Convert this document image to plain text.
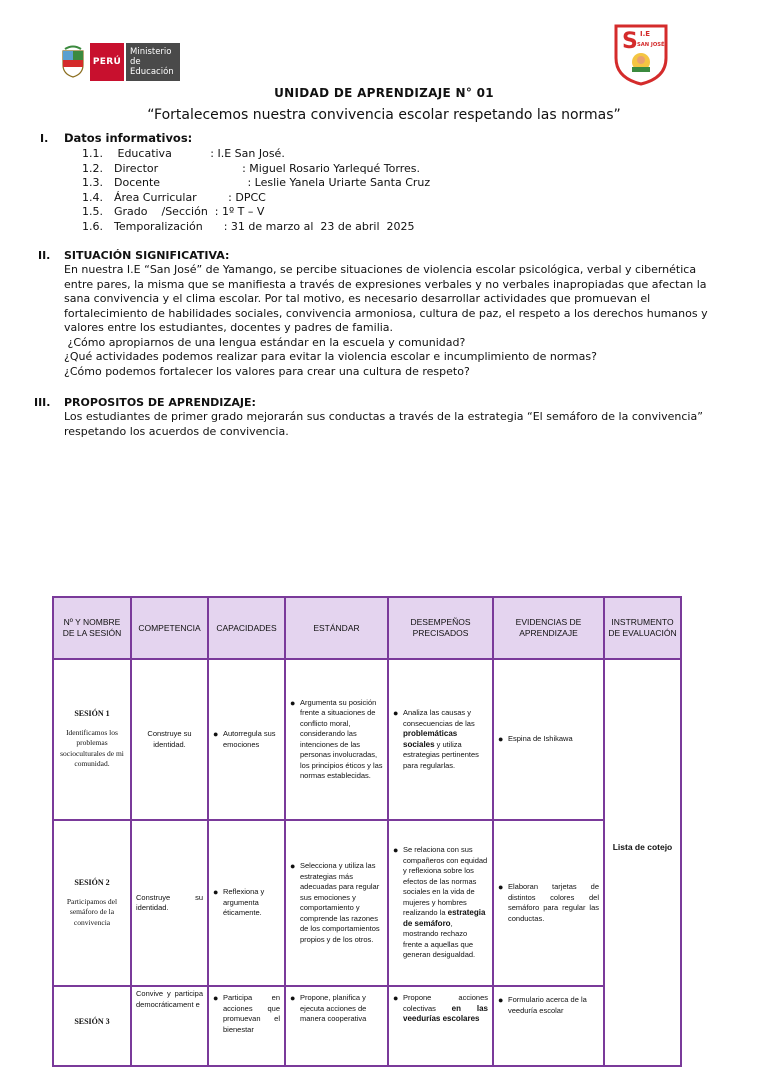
PERÚ
Ministerio
de Educación
S I.E
SAN JOSÉ
UNIDAD DE APRENDIZAJE N° 01
“Fortalecemos nuestra convivencia escolar respetando las normas”
I. Datos informativos:
1.1. Educativa           : I.E San José.
1.2. Director                        : Miguel Rosario Yarlequé Torres.
1.3. Docente                         : Leslie Yanela Uriarte Santa Cruz
1.4. Área Curricular         : DPCC
1.5. Grado    /Sección  : 1º T – V
1.6. Temporalización      : 31 de marzo al  23 de abril  2025
II. SITUACIÓN SIGNIFICATIVA:
En nuestra I.E “San José” de Yamango, se percibe situaciones de violencia escolar psicológica, verbal y cibernética
entre pares, la misma que se manifiesta a través de expresiones verbales y no verbales inapropiadas que afectan la
sana convivencia y el clima escolar. Por tal motivo, es necesario desarrollar actividades que promuevan el
fortalecimiento de habilidades sociales, convivencia armoniosa, cultura de paz, el respeto a los derechos humanos y
valores entre los estudiantes, docentes y padres de familia.
¿Cómo apropiarnos de una lengua estándar en la escuela y comunidad?
¿Qué actividades podemos realizar para evitar la violencia escolar e incumplimiento de normas?
¿Cómo podemos fortalecer los valores para crear una cultura de respeto?
III. PROPOSITOS DE APRENDIZAJE:
Los estudiantes de primer grado mejorarán sus conductas a través de la estrategia “El semáforo de la convivencia”
respetando los acuerdos de convivencia.
Nº Y NOMBRE DE LA SESIÓN	COMPETENCIA	CAPACIDADES	ESTÁNDAR	DESEMPEÑOS PRECISADOS	EVIDENCIAS DE APRENDIZAJE	INSTRUMENTO DE EVALUACIÓN

SESIÓN 1
Identificamos los problemas socioculturales de mi comunidad.	Construye su identidad.	● Autorregula sus emociones	● Argumenta su posición frente a situaciones de conflicto moral, considerando las intenciones de las personas involucradas, los principios éticos y las normas establecidas.	● Analiza las causas y consecuencias de las problemáticas sociales y utiliza estrategias pertinentes para regularlas.	● Espina de Ishikawa	Lista de cotejo

SESIÓN 2
Participamos del semáforo de la convivencia	Construye su identidad.	● Reflexiona y argumenta éticamente.	● Selecciona y utiliza las estrategias más adecuadas para regular sus emociones y comportamiento y comprende las razones de los comportamientos propios y de los otros.	● Se relaciona con sus compañeros con equidad y reflexiona sobre los efectos de las normas sociales en la vida de mujeres y hombres realizando la estrategia de semáforo, mostrando rechazo frente a aquellas que generan desigualdad.	● Elaboran tarjetas de distintos colores del semáforo para regular las conductas.	

SESIÓN 3	Convive y participa democráticament e	● Participa en acciones que promuevan el bienestar	● Propone, planifica y ejecuta acciones de manera cooperativa	● Propone acciones colectivas en las veedurías escolares	● Formulario acerca de la veeduría escolar	
